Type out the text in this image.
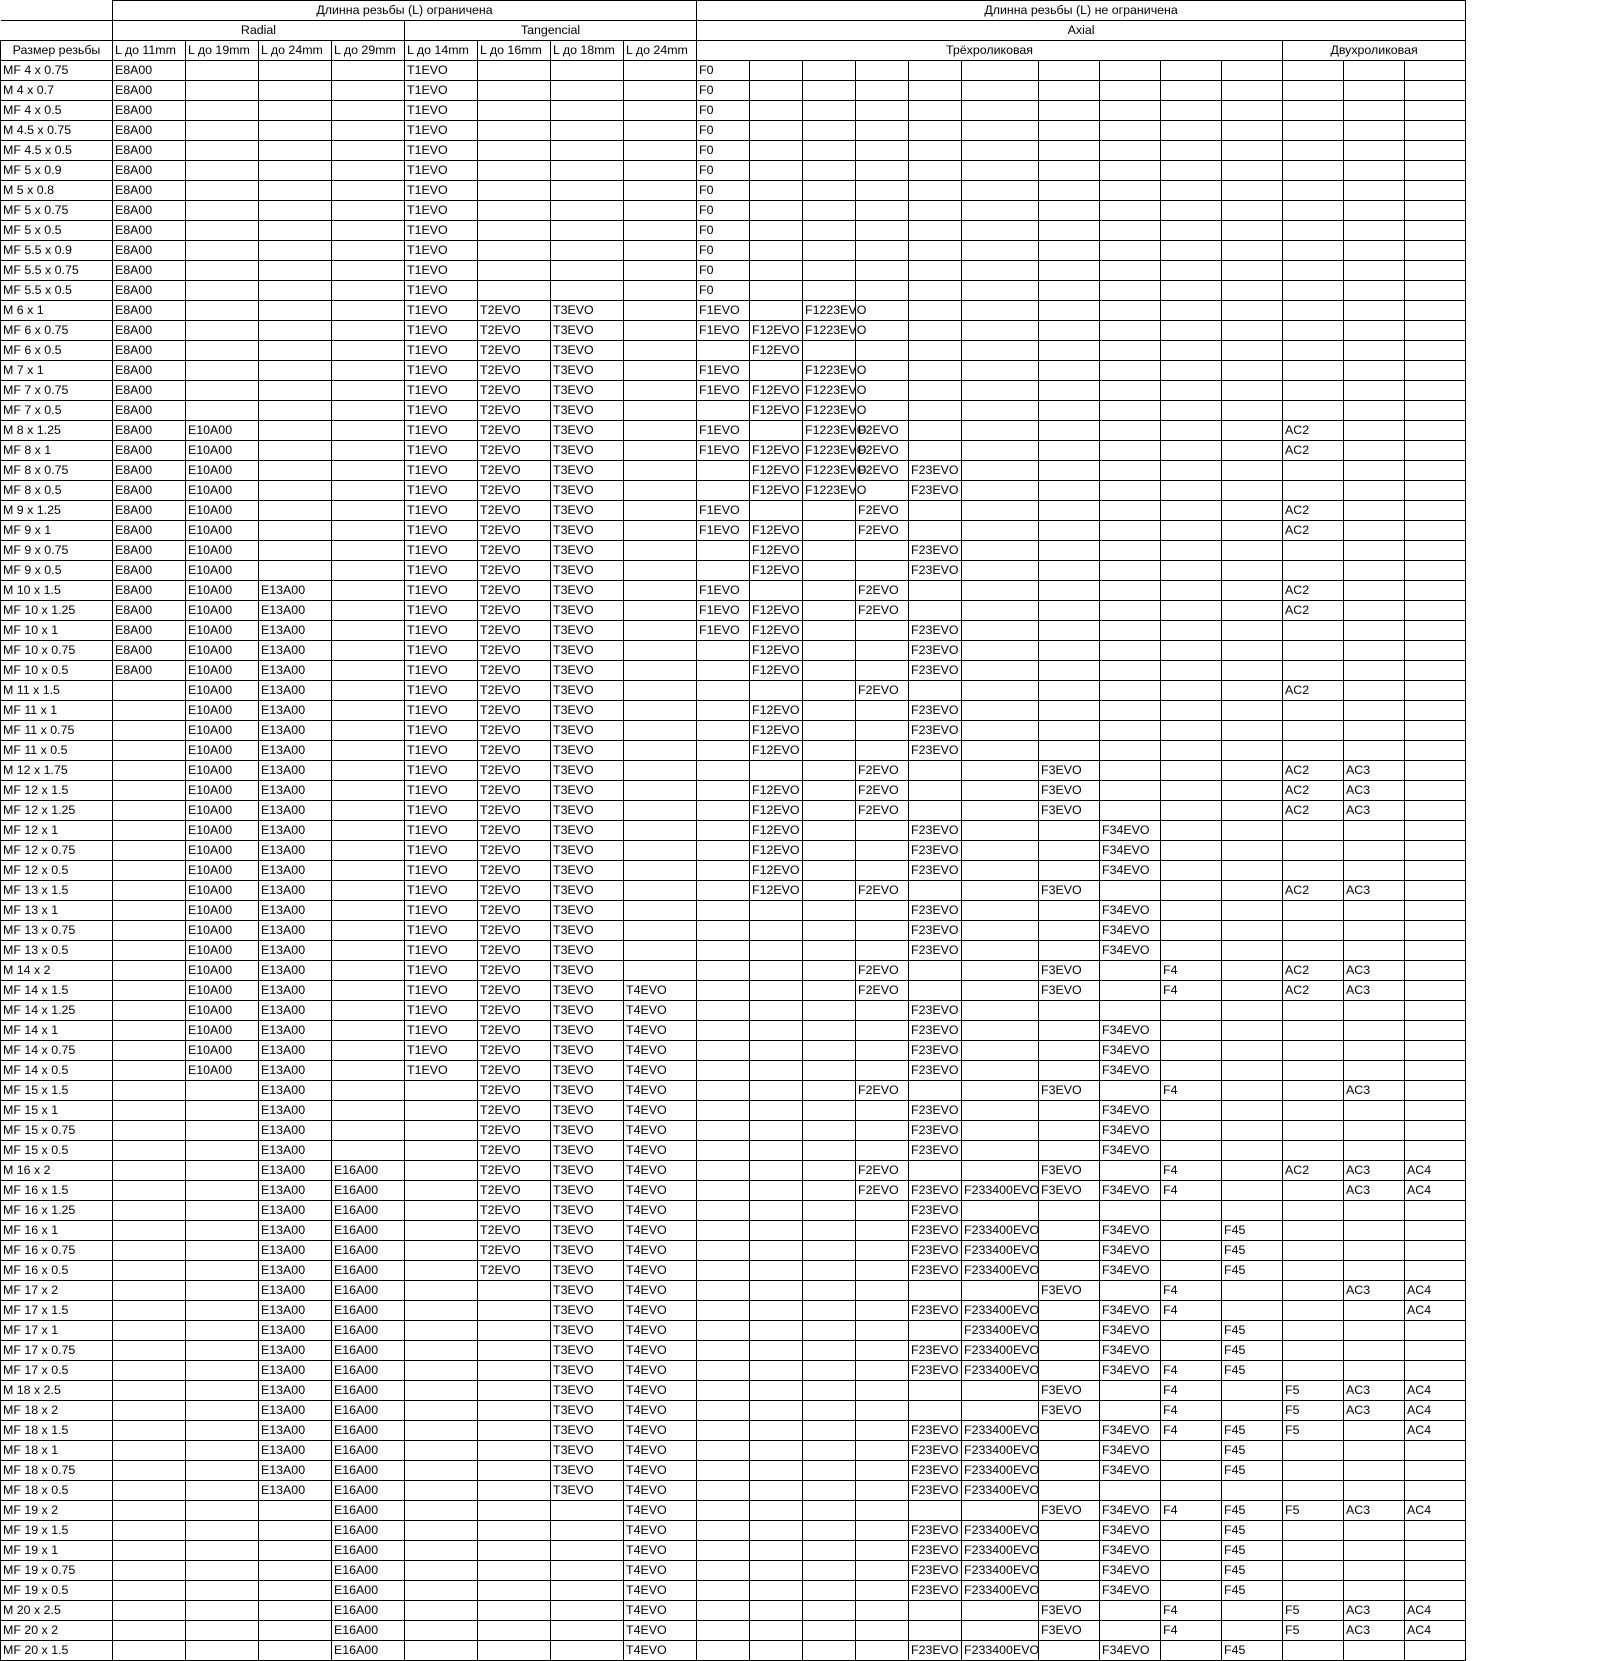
	Длинна резьбы (L) ограничена								Длинна резьбы (L) не ограничена												
	Radial				Tangencial				Axial												
Размер резьбы	L до 11mm	L до 19mm	L до 24mm	L до 29mm	L до 14mm	L до 16mm	L до 18mm	L до 24mm	Трёхроликовая										Двухроликовая		
MF 4 x 0.75	E8A00				T1EVO				F0												
M 4 x 0.7	E8A00				T1EVO				F0												
MF 4 x 0.5	E8A00				T1EVO				F0												
M 4.5 x 0.75	E8A00				T1EVO				F0												
MF 4.5 x 0.5	E8A00				T1EVO				F0												
MF 5 x 0.9	E8A00				T1EVO				F0												
M 5 x 0.8	E8A00				T1EVO				F0												
MF 5 x 0.75	E8A00				T1EVO				F0												
MF 5 x 0.5	E8A00				T1EVO				F0												
MF 5.5 x 0.9	E8A00				T1EVO				F0												
MF 5.5 x 0.75	E8A00				T1EVO				F0												
MF 5.5 x 0.5	E8A00				T1EVO				F0												
M 6 x 1	E8A00				T1EVO	T2EVO	T3EVO		F1EVO		F1223EVO										
MF 6 x 0.75	E8A00				T1EVO	T2EVO	T3EVO		F1EVO	F12EVO	F1223EVO										
MF 6 x 0.5	E8A00				T1EVO	T2EVO	T3EVO			F12EVO											
M 7 x 1	E8A00				T1EVO	T2EVO	T3EVO		F1EVO		F1223EVO										
MF 7 x 0.75	E8A00				T1EVO	T2EVO	T3EVO		F1EVO	F12EVO	F1223EVO										
MF 7 x 0.5	E8A00				T1EVO	T2EVO	T3EVO			F12EVO	F1223EVO										
M 8 x 1.25	E8A00	E10A00			T1EVO	T2EVO	T3EVO		F1EVO		F1223EVO	F2EVO							AC2		
MF 8 x 1	E8A00	E10A00			T1EVO	T2EVO	T3EVO		F1EVO	F12EVO	F1223EVO	F2EVO							AC2		
MF 8 x 0.75	E8A00	E10A00			T1EVO	T2EVO	T3EVO			F12EVO	F1223EVO	F2EVO	F23EVO								
MF 8 x 0.5	E8A00	E10A00			T1EVO	T2EVO	T3EVO			F12EVO	F1223EVO		F23EVO								
M 9 x 1.25	E8A00	E10A00			T1EVO	T2EVO	T3EVO		F1EVO			F2EVO							AC2		
MF 9 x 1	E8A00	E10A00			T1EVO	T2EVO	T3EVO		F1EVO	F12EVO		F2EVO							AC2		
MF 9 x 0.75	E8A00	E10A00			T1EVO	T2EVO	T3EVO			F12EVO			F23EVO								
MF 9 x 0.5	E8A00	E10A00			T1EVO	T2EVO	T3EVO			F12EVO			F23EVO								
M 10 x 1.5	E8A00	E10A00	E13A00		T1EVO	T2EVO	T3EVO		F1EVO			F2EVO							AC2		
MF 10 x 1.25	E8A00	E10A00	E13A00		T1EVO	T2EVO	T3EVO		F1EVO	F12EVO		F2EVO							AC2		
MF 10 x 1	E8A00	E10A00	E13A00		T1EVO	T2EVO	T3EVO		F1EVO	F12EVO			F23EVO								
MF 10 x 0.75	E8A00	E10A00	E13A00		T1EVO	T2EVO	T3EVO			F12EVO			F23EVO								
MF 10 x 0.5	E8A00	E10A00	E13A00		T1EVO	T2EVO	T3EVO			F12EVO			F23EVO								
M 11 x 1.5		E10A00	E13A00		T1EVO	T2EVO	T3EVO					F2EVO							AC2		
MF 11 x 1		E10A00	E13A00		T1EVO	T2EVO	T3EVO			F12EVO			F23EVO								
MF 11 x 0.75		E10A00	E13A00		T1EVO	T2EVO	T3EVO			F12EVO			F23EVO								
MF 11 x 0.5		E10A00	E13A00		T1EVO	T2EVO	T3EVO			F12EVO			F23EVO								
M 12 x 1.75		E10A00	E13A00		T1EVO	T2EVO	T3EVO					F2EVO			F3EVO				AC2	AC3	
MF 12 x 1.5		E10A00	E13A00		T1EVO	T2EVO	T3EVO			F12EVO		F2EVO			F3EVO				AC2	AC3	
MF 12 x 1.25		E10A00	E13A00		T1EVO	T2EVO	T3EVO			F12EVO		F2EVO			F3EVO				AC2	AC3	
MF 12 x 1		E10A00	E13A00		T1EVO	T2EVO	T3EVO			F12EVO			F23EVO			F34EVO					
MF 12 x 0.75		E10A00	E13A00		T1EVO	T2EVO	T3EVO			F12EVO			F23EVO			F34EVO					
MF 12 x 0.5		E10A00	E13A00		T1EVO	T2EVO	T3EVO			F12EVO			F23EVO			F34EVO					
MF 13 x 1.5		E10A00	E13A00		T1EVO	T2EVO	T3EVO			F12EVO		F2EVO			F3EVO				AC2	AC3	
MF 13 x 1		E10A00	E13A00		T1EVO	T2EVO	T3EVO						F23EVO			F34EVO					
MF 13 x 0.75		E10A00	E13A00		T1EVO	T2EVO	T3EVO						F23EVO			F34EVO					
MF 13 x 0.5		E10A00	E13A00		T1EVO	T2EVO	T3EVO						F23EVO			F34EVO					
M 14 x 2		E10A00	E13A00		T1EVO	T2EVO	T3EVO					F2EVO			F3EVO		F4		AC2	AC3	
MF 14 x 1.5		E10A00	E13A00		T1EVO	T2EVO	T3EVO	T4EVO				F2EVO			F3EVO		F4		AC2	AC3	
MF 14 x 1.25		E10A00	E13A00		T1EVO	T2EVO	T3EVO	T4EVO					F23EVO								
MF 14 x 1		E10A00	E13A00		T1EVO	T2EVO	T3EVO	T4EVO					F23EVO			F34EVO					
MF 14 x 0.75		E10A00	E13A00		T1EVO	T2EVO	T3EVO	T4EVO					F23EVO			F34EVO					
MF 14 x 0.5		E10A00	E13A00		T1EVO	T2EVO	T3EVO	T4EVO					F23EVO			F34EVO					
MF 15 x 1.5			E13A00			T2EVO	T3EVO	T4EVO				F2EVO			F3EVO		F4			AC3	
MF 15 x 1			E13A00			T2EVO	T3EVO	T4EVO					F23EVO			F34EVO					
MF 15 x 0.75			E13A00			T2EVO	T3EVO	T4EVO					F23EVO			F34EVO					
MF 15 x 0.5			E13A00			T2EVO	T3EVO	T4EVO					F23EVO			F34EVO					
M 16 x 2			E13A00	E16A00		T2EVO	T3EVO	T4EVO				F2EVO			F3EVO		F4		AC2	AC3	AC4
MF 16 x 1.5			E13A00	E16A00		T2EVO	T3EVO	T4EVO				F2EVO	F23EVO	F233400EVO	F3EVO	F34EVO	F4			AC3	AC4
MF 16 x 1.25			E13A00	E16A00		T2EVO	T3EVO	T4EVO					F23EVO								
MF 16 x 1			E13A00	E16A00		T2EVO	T3EVO	T4EVO					F23EVO	F233400EVO		F34EVO		F45			
MF 16 x 0.75			E13A00	E16A00		T2EVO	T3EVO	T4EVO					F23EVO	F233400EVO		F34EVO		F45			
MF 16 x 0.5			E13A00	E16A00		T2EVO	T3EVO	T4EVO					F23EVO	F233400EVO		F34EVO		F45			
MF 17 x 2			E13A00	E16A00			T3EVO	T4EVO							F3EVO		F4			AC3	AC4
MF 17 x 1.5			E13A00	E16A00			T3EVO	T4EVO					F23EVO	F233400EVO		F34EVO	F4				AC4
MF 17 x 1			E13A00	E16A00			T3EVO	T4EVO						F233400EVO		F34EVO		F45			
MF 17 x 0.75			E13A00	E16A00			T3EVO	T4EVO					F23EVO	F233400EVO		F34EVO		F45			
MF 17 x 0.5			E13A00	E16A00			T3EVO	T4EVO					F23EVO	F233400EVO		F34EVO	F4	F45			
M 18 x 2.5			E13A00	E16A00			T3EVO	T4EVO							F3EVO		F4		F5	AC3	AC4
MF 18 x 2			E13A00	E16A00			T3EVO	T4EVO							F3EVO		F4		F5	AC3	AC4
MF 18 x 1.5			E13A00	E16A00			T3EVO	T4EVO					F23EVO	F233400EVO		F34EVO	F4	F45	F5		AC4
MF 18 x 1			E13A00	E16A00			T3EVO	T4EVO					F23EVO	F233400EVO		F34EVO		F45			
MF 18 x 0.75			E13A00	E16A00			T3EVO	T4EVO					F23EVO	F233400EVO		F34EVO		F45			
MF 18 x 0.5			E13A00	E16A00			T3EVO	T4EVO					F23EVO	F233400EVO							
MF 19 x 2				E16A00				T4EVO							F3EVO	F34EVO	F4	F45	F5	AC3	AC4
MF 19 x 1.5				E16A00				T4EVO					F23EVO	F233400EVO		F34EVO		F45			
MF 19 x 1				E16A00				T4EVO					F23EVO	F233400EVO		F34EVO		F45			
MF 19 x 0.75				E16A00				T4EVO					F23EVO	F233400EVO		F34EVO		F45			
MF 19 x 0.5				E16A00				T4EVO					F23EVO	F233400EVO		F34EVO		F45			
M 20 x 2.5				E16A00				T4EVO							F3EVO		F4		F5	AC3	AC4
MF 20 x 2				E16A00				T4EVO							F3EVO		F4		F5	AC3	AC4
MF 20 x 1.5				E16A00				T4EVO					F23EVO	F233400EVO		F34EVO		F45			
